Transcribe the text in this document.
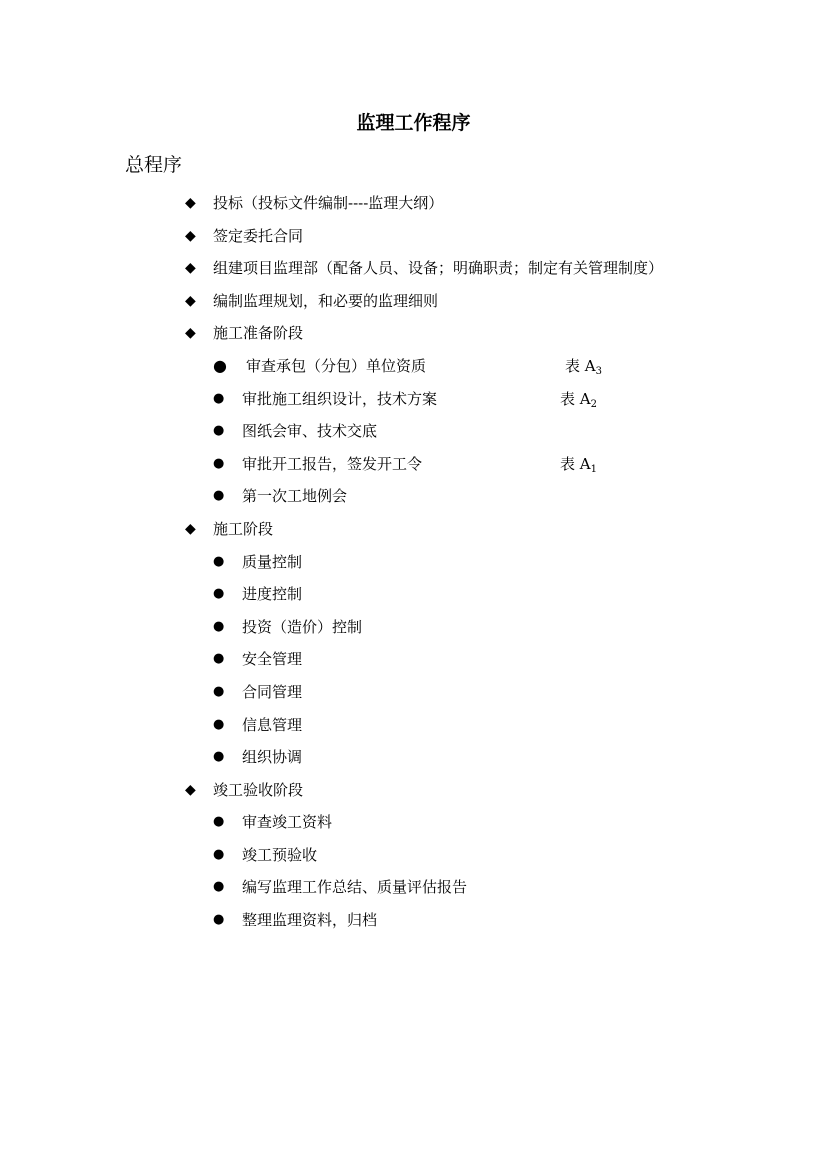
监理工作程序
总程序
◆ 投标（投标文件编制----监理大纲）
◆ 签定委托合同
◆ 组建项目监理部（配备人员、设备；明确职责；制定有关管理制度）
◆ 编制监理规划，和必要的监理细则
◆ 施工准备阶段
● 审查承包（分包）单位资质	表 $A_3$
● 审批施工组织设计，技术方案	表 $A_2$
● 图纸会审、技术交底
● 审批开工报告，签发开工令	表 $A_1$
● 第一次工地例会
◆ 施工阶段
● 质量控制
● 进度控制
● 投资（造价）控制
● 安全管理
● 合同管理
● 信息管理
● 组织协调
◆ 竣工验收阶段
● 审查竣工资料
● 竣工预验收
● 编写监理工作总结、质量评估报告
● 整理监理资料，归档
